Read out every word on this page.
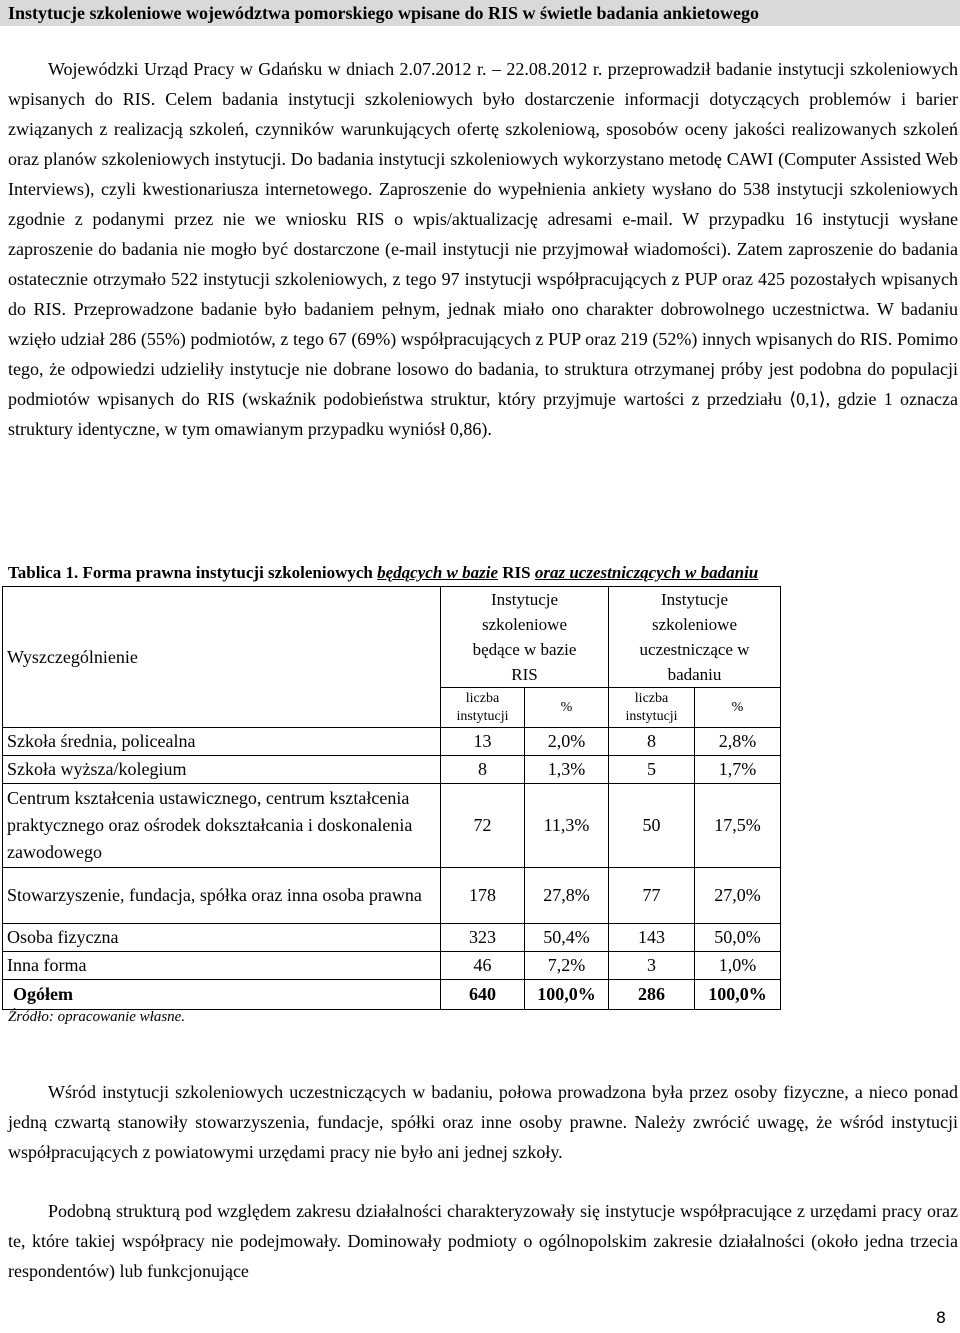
Instytucje szkoleniowe województwa pomorskiego wpisane do RIS w świetle badania ankietowego

Wojewódzki Urząd Pracy w Gdańsku w dniach 2.07.2012 r. – 22.08.2012 r. przeprowadził badanie instytucji szkoleniowych wpisanych do RIS. Celem badania instytucji szkoleniowych było dostarczenie informacji dotyczących problemów i barier związanych z realizacją szkoleń, czynników warunkujących ofertę szkoleniową, sposobów oceny jakości realizowanych szkoleń oraz planów szkoleniowych instytucji. Do badania instytucji szkoleniowych wykorzystano metodę CAWI (Computer Assisted Web Interviews), czyli kwestionariusza internetowego. Zaproszenie do wypełnienia ankiety wysłano do 538 instytucji szkoleniowych zgodnie z podanymi przez nie we wniosku RIS o wpis/aktualizację adresami e-mail. W przypadku 16 instytucji wysłane zaproszenie do badania nie mogło być dostarczone (e-mail instytucji nie przyjmował wiadomości). Zatem zaproszenie do badania ostatecznie otrzymało 522 instytucji szkoleniowych, z tego 97 instytucji współpracujących z PUP oraz 425 pozostałych wpisanych do RIS. Przeprowadzone badanie było badaniem pełnym, jednak miało ono charakter dobrowolnego uczestnictwa. W badaniu wzięło udział 286 (55%) podmiotów, z tego 67 (69%) współpracujących z PUP oraz 219 (52%) innych wpisanych do RIS. Pomimo tego, że odpowiedzi udzieliły instytucje nie dobrane losowo do badania, to struktura otrzymanej próby jest podobna do populacji podmiotów wpisanych do RIS (wskaźnik podobieństwa struktur, który przyjmuje wartości z przedziału ⟨0,1⟩, gdzie 1 oznacza struktury identyczne, w tym omawianym przypadku wyniósł 0,86).

Tablica 1. Forma prawna instytucji szkoleniowych będących w bazie RIS oraz uczestniczących w badaniu
Wyszczególnienie	Instytucje szkoleniowe będące w bazie RIS		Instytucje szkoleniowe uczestniczące w badaniu	
	liczba instytucji	%	liczba instytucji	%
Szkoła średnia, policealna	13	2,0%	8	2,8%
Szkoła wyższa/kolegium	8	1,3%	5	1,7%
Centrum kształcenia ustawicznego, centrum kształcenia praktycznego oraz ośrodek dokształcania i doskonalenia zawodowego	72	11,3%	50	17,5%
Stowarzyszenie, fundacja, spółka oraz inna osoba prawna	178	27,8%	77	27,0%
Osoba fizyczna	323	50,4%	143	50,0%
Inna forma	46	7,2%	3	1,0%
Ogółem	640	100,0%	286	100,0%
Źródło: opracowanie własne.

Wśród instytucji szkoleniowych uczestniczących w badaniu, połowa prowadzona była przez osoby fizyczne, a nieco ponad jedną czwartą stanowiły stowarzyszenia, fundacje, spółki oraz inne osoby prawne. Należy zwrócić uwagę, że wśród instytucji współpracujących z powiatowymi urzędami pracy nie było ani jednej szkoły.

Podobną strukturą pod względem zakresu działalności charakteryzowały się instytucje współpracujące z urzędami pracy oraz te, które takiej współpracy nie podejmowały. Dominowały podmioty o ogólnopolskim zakresie działalności (około jedna trzecia respondentów) lub funkcjonujące

8
